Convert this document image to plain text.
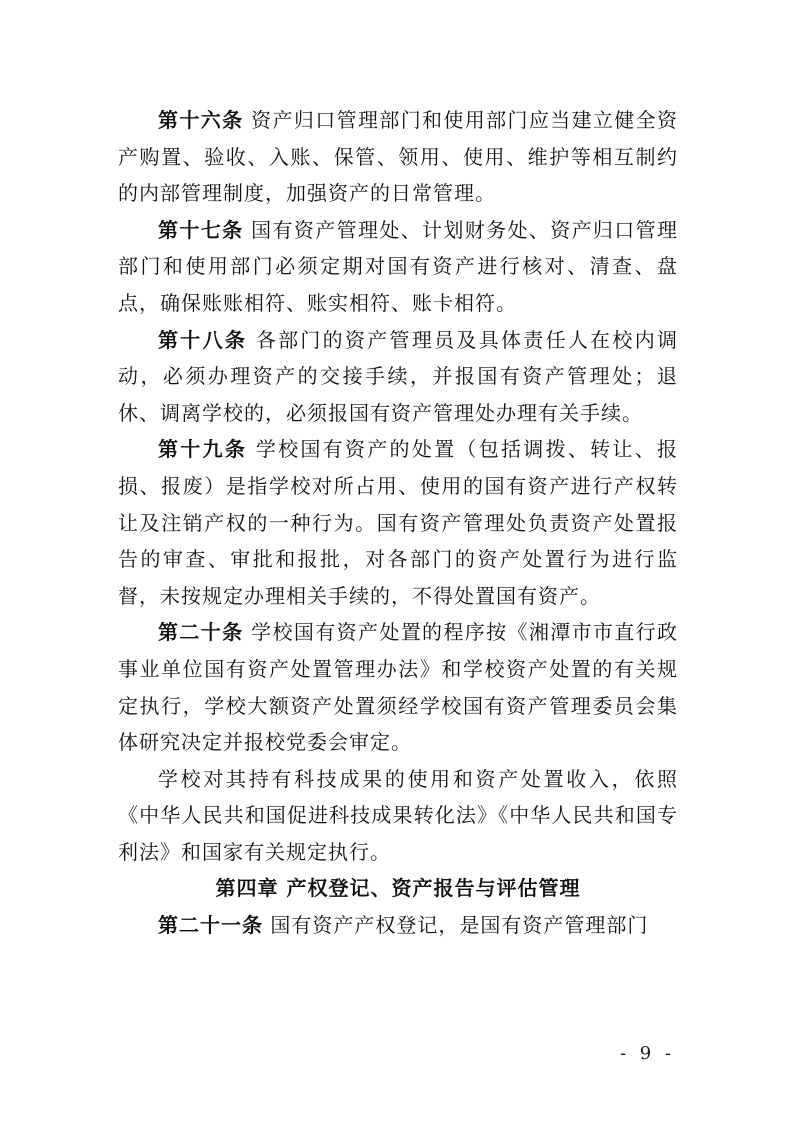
第十六条 资产归口管理部门和使用部门应当建立健全资产购置、验收、入账、保管、领用、使用、维护等相互制约的内部管理制度，加强资产的日常管理。

第十七条 国有资产管理处、计划财务处、资产归口管理部门和使用部门必须定期对国有资产进行核对、清查、盘点，确保账账相符、账实相符、账卡相符。

第十八条 各部门的资产管理员及具体责任人在校内调动，必须办理资产的交接手续，并报国有资产管理处；退休、调离学校的，必须报国有资产管理处办理有关手续。

第十九条 学校国有资产的处置（包括调拨、转让、报损、报废）是指学校对所占用、使用的国有资产进行产权转让及注销产权的一种行为。国有资产管理处负责资产处置报告的审查、审批和报批，对各部门的资产处置行为进行监督，未按规定办理相关手续的，不得处置国有资产。

第二十条 学校国有资产处置的程序按《湘潭市市直行政事业单位国有资产处置管理办法》和学校资产处置的有关规定执行，学校大额资产处置须经学校国有资产管理委员会集体研究决定并报校党委会审定。

学校对其持有科技成果的使用和资产处置收入，依照《中华人民共和国促进科技成果转化法》《中华人民共和国专利法》和国家有关规定执行。

第四章 产权登记、资产报告与评估管理

第二十一条 国有资产产权登记，是国有资产管理部门

- 9 -
